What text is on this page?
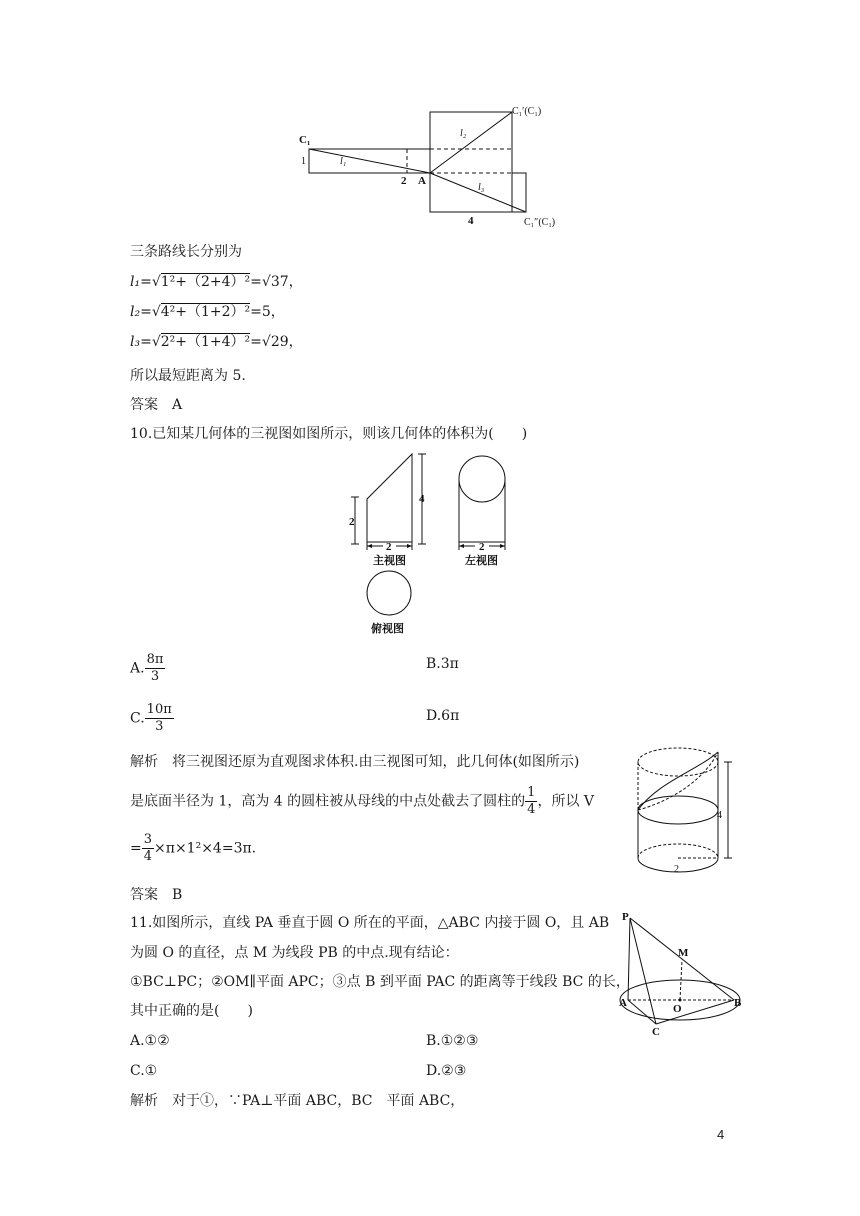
C₁′(C₁)
l₂
C₁
1	l₁
2 A
l₃
4	C₁″(C₁)
三条路线长分别为
l₁=√1²+（2+4）²=√37，
l₂=√4²+（1+2）²=5，
l₃=√2²+（1+4）²=√29，
所以最短距离为 5.
答案　A
10.已知某几何体的三视图如图所示，则该几何体的体积为(　　)
2
4
2	2
主视图	左视图
俯视图
A. $\frac{8\pi}{3}$	B.3π
C. $\frac{10\pi}{3}$	D.6π
解析　将三视图还原为直观图求体积.由三视图可知，此几何体(如图所示)
是底面半径为 1，高为 4 的圆柱被从母线的中点处截去了圆柱的 $\frac{1}{4}$ ，所以 V
= $\frac{3}{4} \times\pi\times 1^2\times 4=3\pi$.
4
2
答案　B
11.如图所示，直线 PA 垂直于圆 O 所在的平面，△ABC 内接于圆 O，且 AB
为圆 O 的直径，点 M 为线段 PB 的中点.现有结论：
①BC⊥PC；②OM∥平面 APC；③点 B 到平面 PAC 的距离等于线段 BC 的长，
其中正确的是(　　)
A.①②	B.①②③
C.①	D.②③
解析　对于①，∵PA⊥平面 ABC，BC　平面 ABC，
P
M
A	O	B
C
4
